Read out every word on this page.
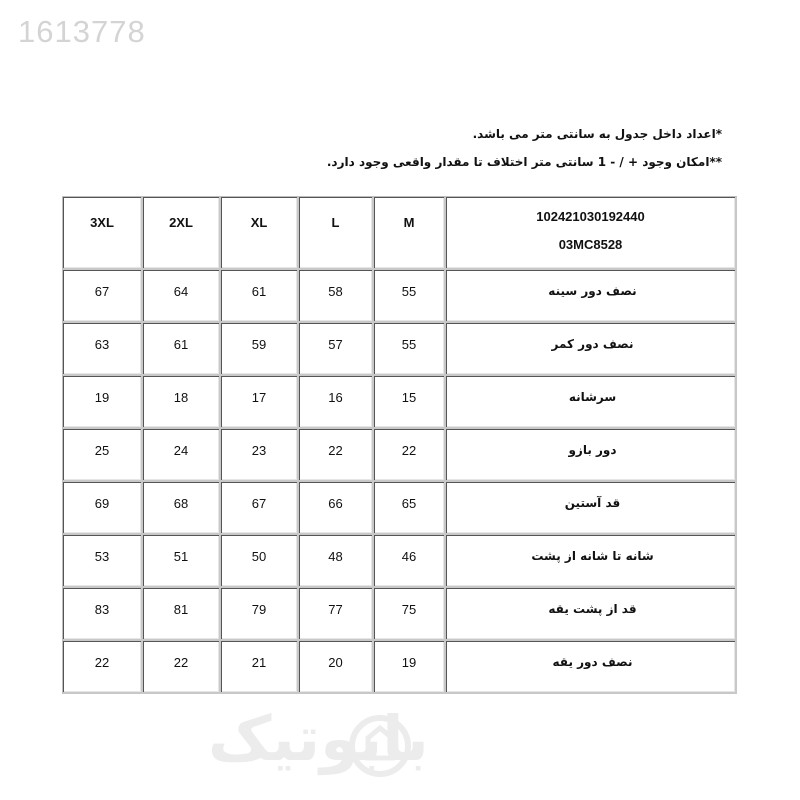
1613778
*اعداد داخل جدول به سانتی متر می باشد.
**امکان وجود + / - 1 سانتی متر اختلاف تا مقدار واقعی وجود دارد.
3XL	2XL	XL	L	M	102421030192440
03MC8528

67	64	61	58	55	نصف دور سینه
63	61	59	57	55	نصف دور کمر
19	18	17	16	15	سرشانه
25	24	23	22	22	دور بازو
69	68	67	66	65	قد آستین
53	51	50	48	46	شانه تا شانه از پشت
83	81	79	77	75	قد از پشت یقه
22	22	21	20	19	نصف دور یقه
بابوتیک
